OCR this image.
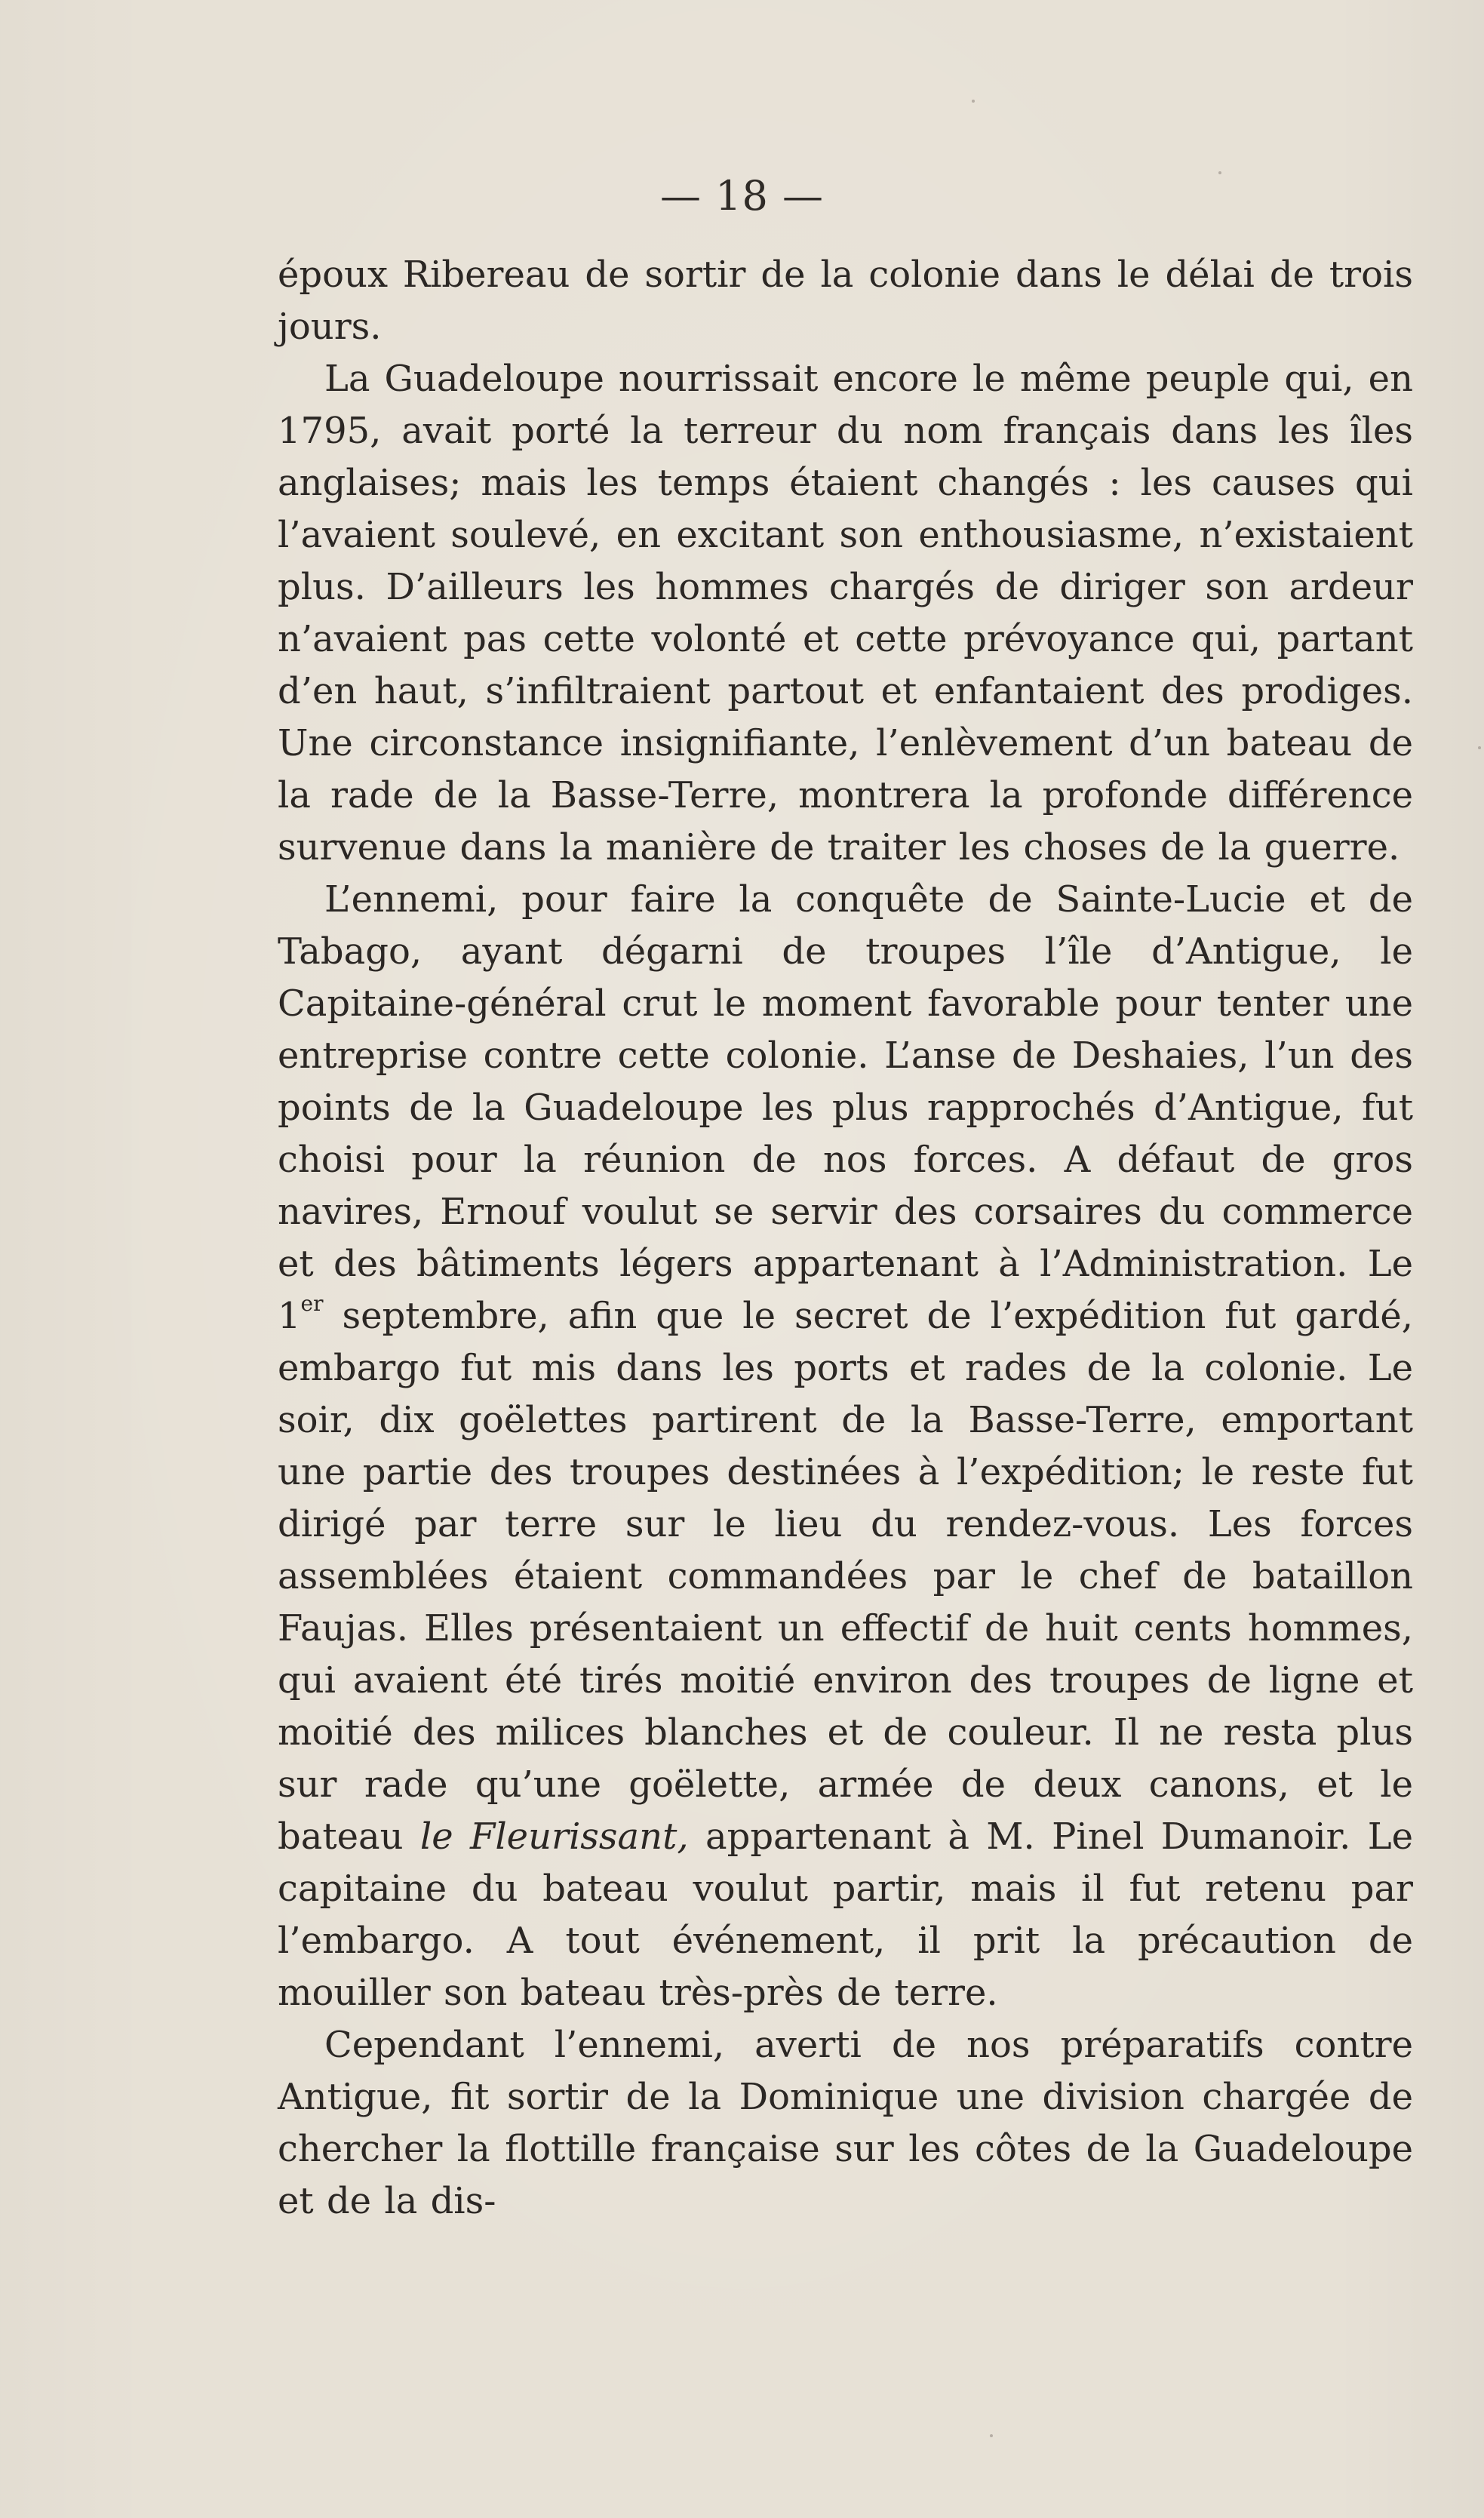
— 18 —

époux Ribereau de sortir de la colonie dans le délai de trois jours.

La Guadeloupe nourrissait encore le même peuple qui, en 1795, avait porté la terreur du nom français dans les îles anglaises; mais les temps étaient changés : les causes qui l’avaient soulevé, en excitant son enthousiasme, n’existaient plus. D’ailleurs les hommes chargés de diriger son ardeur n’avaient pas cette volonté et cette prévoyance qui, partant d’en haut, s’infiltraient partout et enfantaient des prodiges. Une circonstance insignifiante, l’enlèvement d’un bateau de la rade de la Basse-Terre, montrera la profonde différence survenue dans la manière de traiter les choses de la guerre.

L’ennemi, pour faire la conquête de Sainte-Lucie et de Tabago, ayant dégarni de troupes l’île d’Antigue, le Capitaine-général crut le moment favorable pour tenter une entreprise contre cette colonie. L’anse de Deshaies, l’un des points de la Guadeloupe les plus rapprochés d’Antigue, fut choisi pour la réunion de nos forces. A défaut de gros navires, Ernouf voulut se servir des corsaires du commerce et des bâtiments légers appartenant à l’Administration. Le 1er septembre, afin que le secret de l’expédition fut gardé, embargo fut mis dans les ports et rades de la colonie. Le soir, dix goëlettes partirent de la Basse-Terre, emportant une partie des troupes destinées à l’expédition; le reste fut dirigé par terre sur le lieu du rendez-vous. Les forces assemblées étaient commandées par le chef de bataillon Faujas. Elles présentaient un effectif de huit cents hommes, qui avaient été tirés moitié environ des troupes de ligne et moitié des milices blanches et de couleur. Il ne resta plus sur rade qu’une goëlette, armée de deux canons, et le bateau le Fleurissant, appartenant à M. Pinel Dumanoir. Le capitaine du bateau voulut partir, mais il fut retenu par l’embargo. A tout événement, il prit la précaution de mouiller son bateau très-près de terre.

Cependant l’ennemi, averti de nos préparatifs contre Antigue, fit sortir de la Dominique une division chargée de chercher la flottille française sur les côtes de la Guadeloupe et de la dis-
